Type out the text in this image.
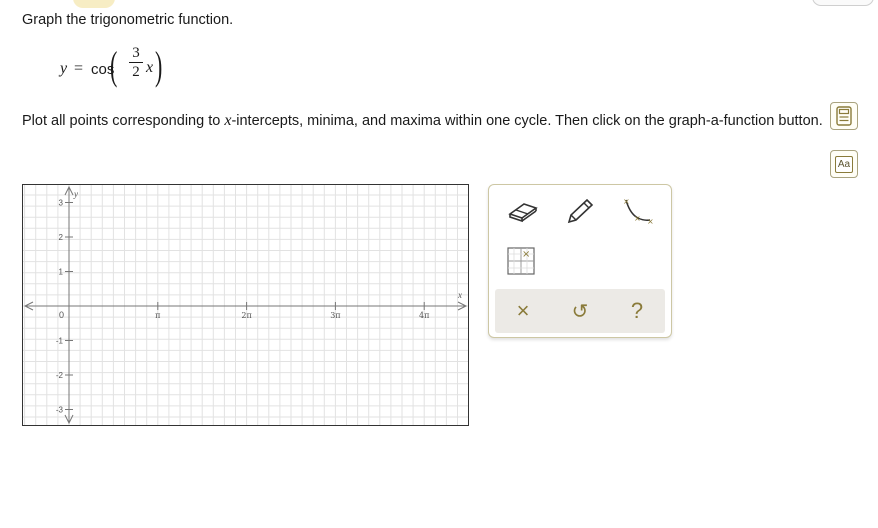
Graph the trigonometric function.
y = cos
( 3
2 x )
Plot all points corresponding to x-intercepts, minima, and maxima within one cycle. Then click on the graph-a-function button.
Aa
x
y
0	π	2π	3π	4π
3
2
1
-1
-2
-3
×
× ×
×
× ↺ ?
